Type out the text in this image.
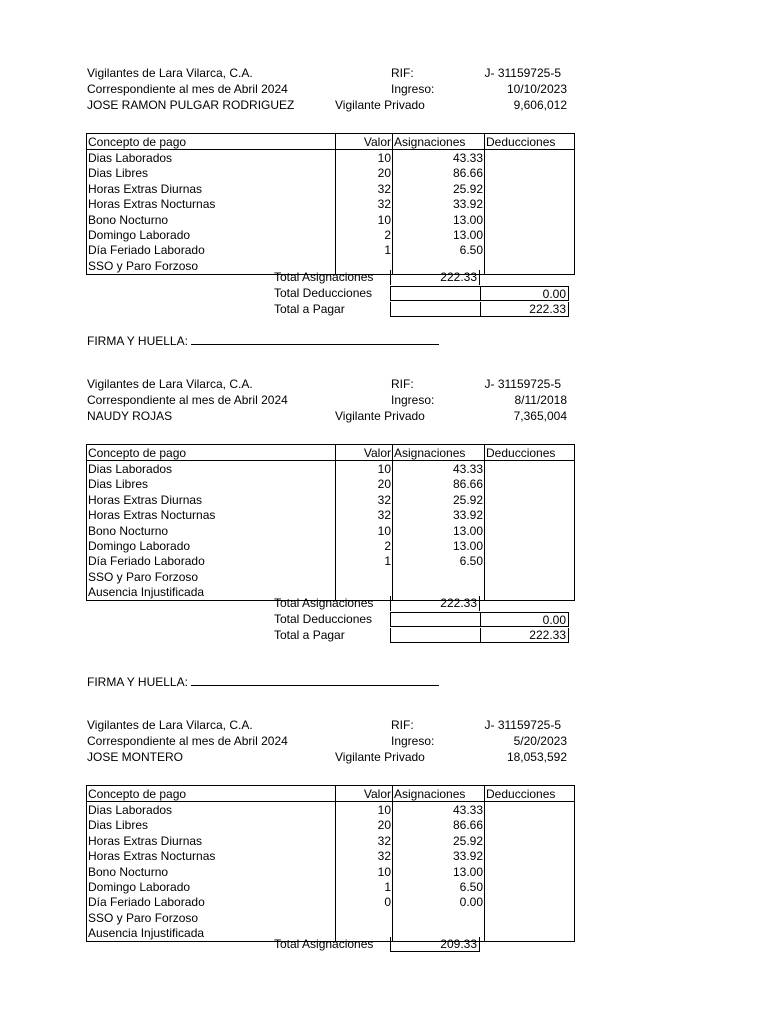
Vigilantes de Lara Vilarca, C.A.	RIF:	J- 31159725-5
Correspondiente al mes de Abril 2024	Ingreso:	10/10/2023
JOSE RAMON PULGAR RODRIGUEZ	Vigilante Privado	9,606,012
Concepto de pago	Valor	Asignaciones	Deducciones
Dias Laborados	10	43.33	
Dias Libres	20	86.66	
Horas Extras Diurnas	32	25.92	
Horas Extras Nocturnas	32	33.92	
Bono Nocturno	10	13.00	
Domingo Laborado	2	13.00	
Día Feriado Laborado	1	6.50	
SSO y Paro Forzoso			
Total Asignaciones	222.33
Total Deducciones	0.00
Total a Pagar	222.33
FIRMA Y HUELLA:
Vigilantes de Lara Vilarca, C.A.	RIF:	J- 31159725-5
Correspondiente al mes de Abril 2024	Ingreso:	8/11/2018
NAUDY ROJAS	Vigilante Privado	7,365,004
Concepto de pago	Valor	Asignaciones	Deducciones
Dias Laborados	10	43.33	
Dias Libres	20	86.66	
Horas Extras Diurnas	32	25.92	
Horas Extras Nocturnas	32	33.92	
Bono Nocturno	10	13.00	
Domingo Laborado	2	13.00	
Día Feriado Laborado	1	6.50	
SSO y Paro Forzoso			
Ausencia Injustificada			
Total Asignaciones	222.33
Total Deducciones	0.00
Total a Pagar	222.33
FIRMA Y HUELLA:
Vigilantes de Lara Vilarca, C.A.	RIF:	J- 31159725-5
Correspondiente al mes de Abril 2024	Ingreso:	5/20/2023
JOSE MONTERO	Vigilante Privado	18,053,592
Concepto de pago	Valor	Asignaciones	Deducciones
Dias Laborados	10	43.33	
Dias Libres	20	86.66	
Horas Extras Diurnas	32	25.92	
Horas Extras Nocturnas	32	33.92	
Bono Nocturno	10	13.00	
Domingo Laborado	1	6.50	
Día Feriado Laborado	0	0.00	
SSO y Paro Forzoso			
Ausencia Injustificada			
Total Asignaciones	209.33
